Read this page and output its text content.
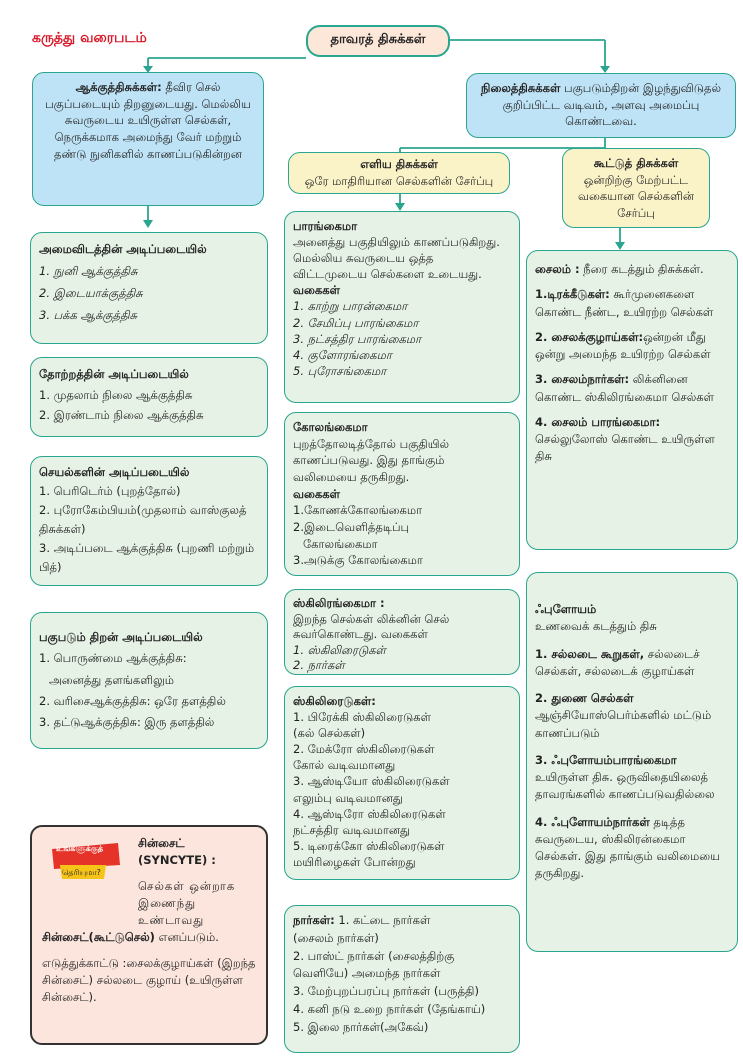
கருத்து வரைபடம்	தாவரத் திசுக்கள்
ஆக்குத்திசுக்கள்: தீவிர செல் பகுப்படையும் திறனுடையது. மெல்லிய சுவருடைய உயிருள்ள செல்கள், நெருக்கமாக அமைந்து வேர் மற்றும் தண்டு நுனிகளில் காணப்படுகின்றன
நிலைத்திசுக்கள் பகுபடும்திறன் இழந்துவிடுதல் குறிப்பிட்ட வடிவம், அளவு அமைப்பு கொண்டவை.
எளிய திசுக்கள்
ஒரே மாதிரியான செல்களின் சேர்ப்பு
கூட்டுத் திசுக்கள்
ஒன்றிற்கு மேற்பட்ட வகையான செல்களின் சேர்ப்பு
அமைவிடத்தின் அடிப்படையில்
1. நுனி ஆக்குத்திசு
2. இடையாக்குத்திசு
3. பக்க ஆக்குத்திசு
தோற்றத்தின் அடிப்படையில்
1. முதலாம் நிலை ஆக்குத்திசு
2. இரண்டாம் நிலை ஆக்குத்திசு
செயல்களின் அடிப்படையில்
1. பெரிடெர்ம் (புறத்தோல்)
2. புரோகேம்பியம்(முதலாம் வாஸ்குலத் திசுக்கள்)
3. அடிப்படை ஆக்குத்திசு (புறணி மற்றும் பித்)
பகுபடும் திறன் அடிப்படையில்
1. பொருண்மை ஆக்குத்திசு:
அனைத்து தளங்களிலும்
2. வரிசைஆக்குத்திசு: ஒரே தளத்தில்
3. தட்டுஆக்குத்திசு: இரு தளத்தில்
உங்களுக்குத்
தெரியுமா?
சின்சைட் (SYNCYTE) :
செல்கள் ஒன்றாக இணைந்து உண்டாவது
சின்சைட்(கூட்டுசெல்) எனப்படும்.
எடுத்துக்காட்டு :சைலக்குழாய்கள் (இறந்த சின்சைட்) சல்லடை குழாய் (உயிருள்ள சின்சைட்).
பாரங்கைமா
அனைத்து பகுதியிலும் காணப்படுகிறது. மெல்லிய சுவருடைய ஒத்த விட்டமுடைய செல்களை உடையது.
வகைகள்
1. காற்று பாரன்கைமா
2. சேமிப்பு பாரங்கைமா
3. நட்சத்திர பாரங்கைமா
4. குளோரங்கைமா
5. புரோசங்கைமா
கோலங்கைமா
புறத்தோலடித்தோல் பகுதியில் காணப்படுவது. இது தாங்கும் வலிமையை தருகிறது.
வகைகள்
1.கோணக்கோலங்கைமா
2.இடைவெளித்தடிப்பு
கோலங்கைமா
3.அடுக்கு கோலங்கைமா
ஸ்கிலிரங்கைமா :
இறந்த செல்கள் லிக்னின் செல் சுவர்கொண்டது. வகைகள்
1. ஸ்கிலிரைடுகள்
2. நார்கள்
ஸ்கிலிரைடுகள்:
1. பிரேக்கி ஸ்கிலிரைடுகள்
(கல் செல்கள்)
2. மேக்ரோ ஸ்கிலிரைடுகள்
கோல் வடிவமானது
3. ஆஸ்டியோ ஸ்கிலிரைடுகள்
எலும்பு வடிவமானது
4. ஆஸ்டிரோ ஸ்கிலிரைடுகள்
நட்சத்திர வடிவமானது
5. டிரைக்கோ ஸ்கிலிரைடுகள்
மயிரிழைகள் போன்றது
நார்கள்: 1. கட்டை நார்கள்
(சைலம் நார்கள்)
2. பாஸ்ட் நார்கள் (சைலத்திற்கு
வெளியே) அமைந்த நார்கள்
3. மேற்புறப்பரப்பு நார்கள் (பருத்தி)
4. கனி நடு உறை நார்கள் (தேங்காய்)
5. இலை நார்கள்(அகேவ்)
சைலம் : நீரை கடத்தும் திசுக்கள்.
1.டிரக்கீடுகள்: கூர்முனைகளை கொண்ட நீண்ட, உயிரற்ற செல்கள்
2. சைலக்குழாய்கள்:ஒன்றன் மீது ஒன்று அமைந்த உயிரற்ற செல்கள்
3. சைலம்நார்கள்: லிக்னினை கொண்ட ஸ்கிலிரங்கைமா செல்கள்
4. சைலம் பாரங்கைமா: செல்லுலோஸ் கொண்ட உயிருள்ள திசு
ஃபுளோயம்
உணவைக் கடத்தும் திசு
1. சல்லடை கூறுகள், சல்லடைச் செல்கள், சல்லடைக் குழாய்கள்
2. துணை செல்கள் ஆஞ்சியோஸ்பெர்ம்களில் மட்டும் காணப்படும்
3. ஃபுளோயம்பாரங்கைமா உயிருள்ள திசு. ஒருவிதையிலைத் தாவரங்களில் காணப்படுவதில்லை
4. ஃபுளோயம்நார்கள் தடித்த சுவருடைய, ஸ்கிலிரன்கைமா செல்கள். இது தாங்கும் வலிமையை தருகிறது.
